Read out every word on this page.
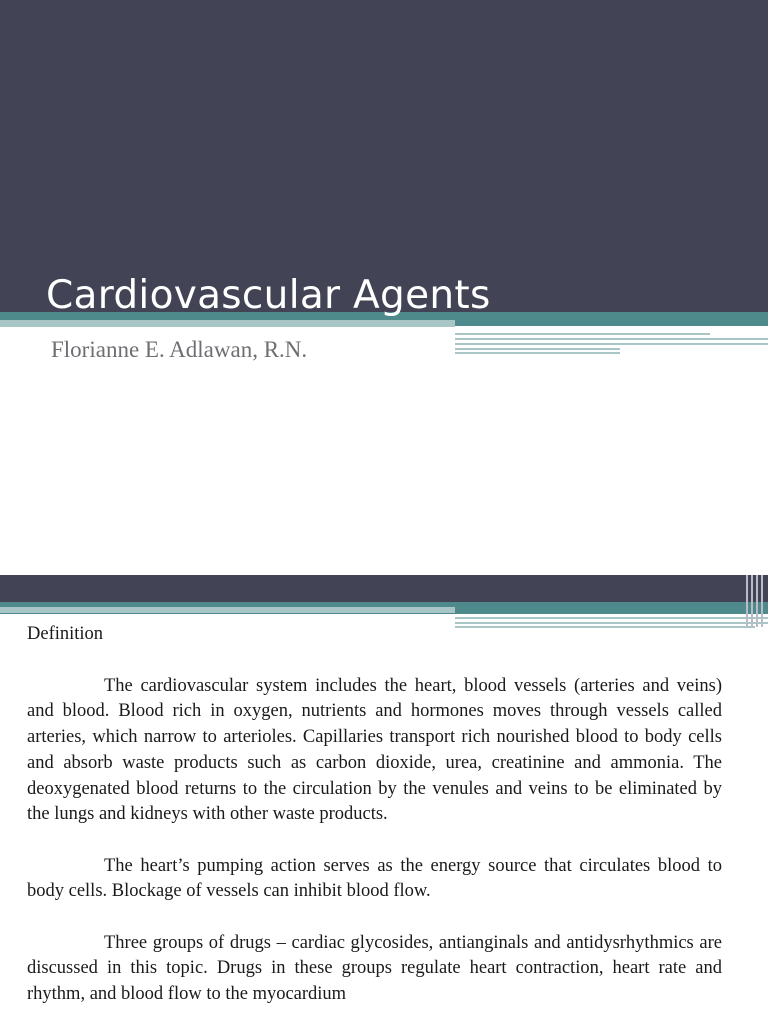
Cardiovascular Agents

Florianne E. Adlawan, R.N.

Definition

The cardiovascular system includes the heart, blood vessels (arteries and veins) and blood. Blood rich in oxygen, nutrients and hormones moves through vessels called arteries, which narrow to arterioles. Capillaries transport rich nourished blood to body cells and absorb waste products such as carbon dioxide, urea, creatinine and ammonia. The deoxygenated blood returns to the circulation by the venules and veins to be eliminated by the lungs and kidneys with other waste products.

The heart’s pumping action serves as the energy source that circulates blood to body cells. Blockage of vessels can inhibit blood flow.

Three groups of drugs – cardiac glycosides, antianginals and antidysrhythmics are discussed in this topic. Drugs in these groups regulate heart contraction, heart rate and rhythm, and blood flow to the myocardium
